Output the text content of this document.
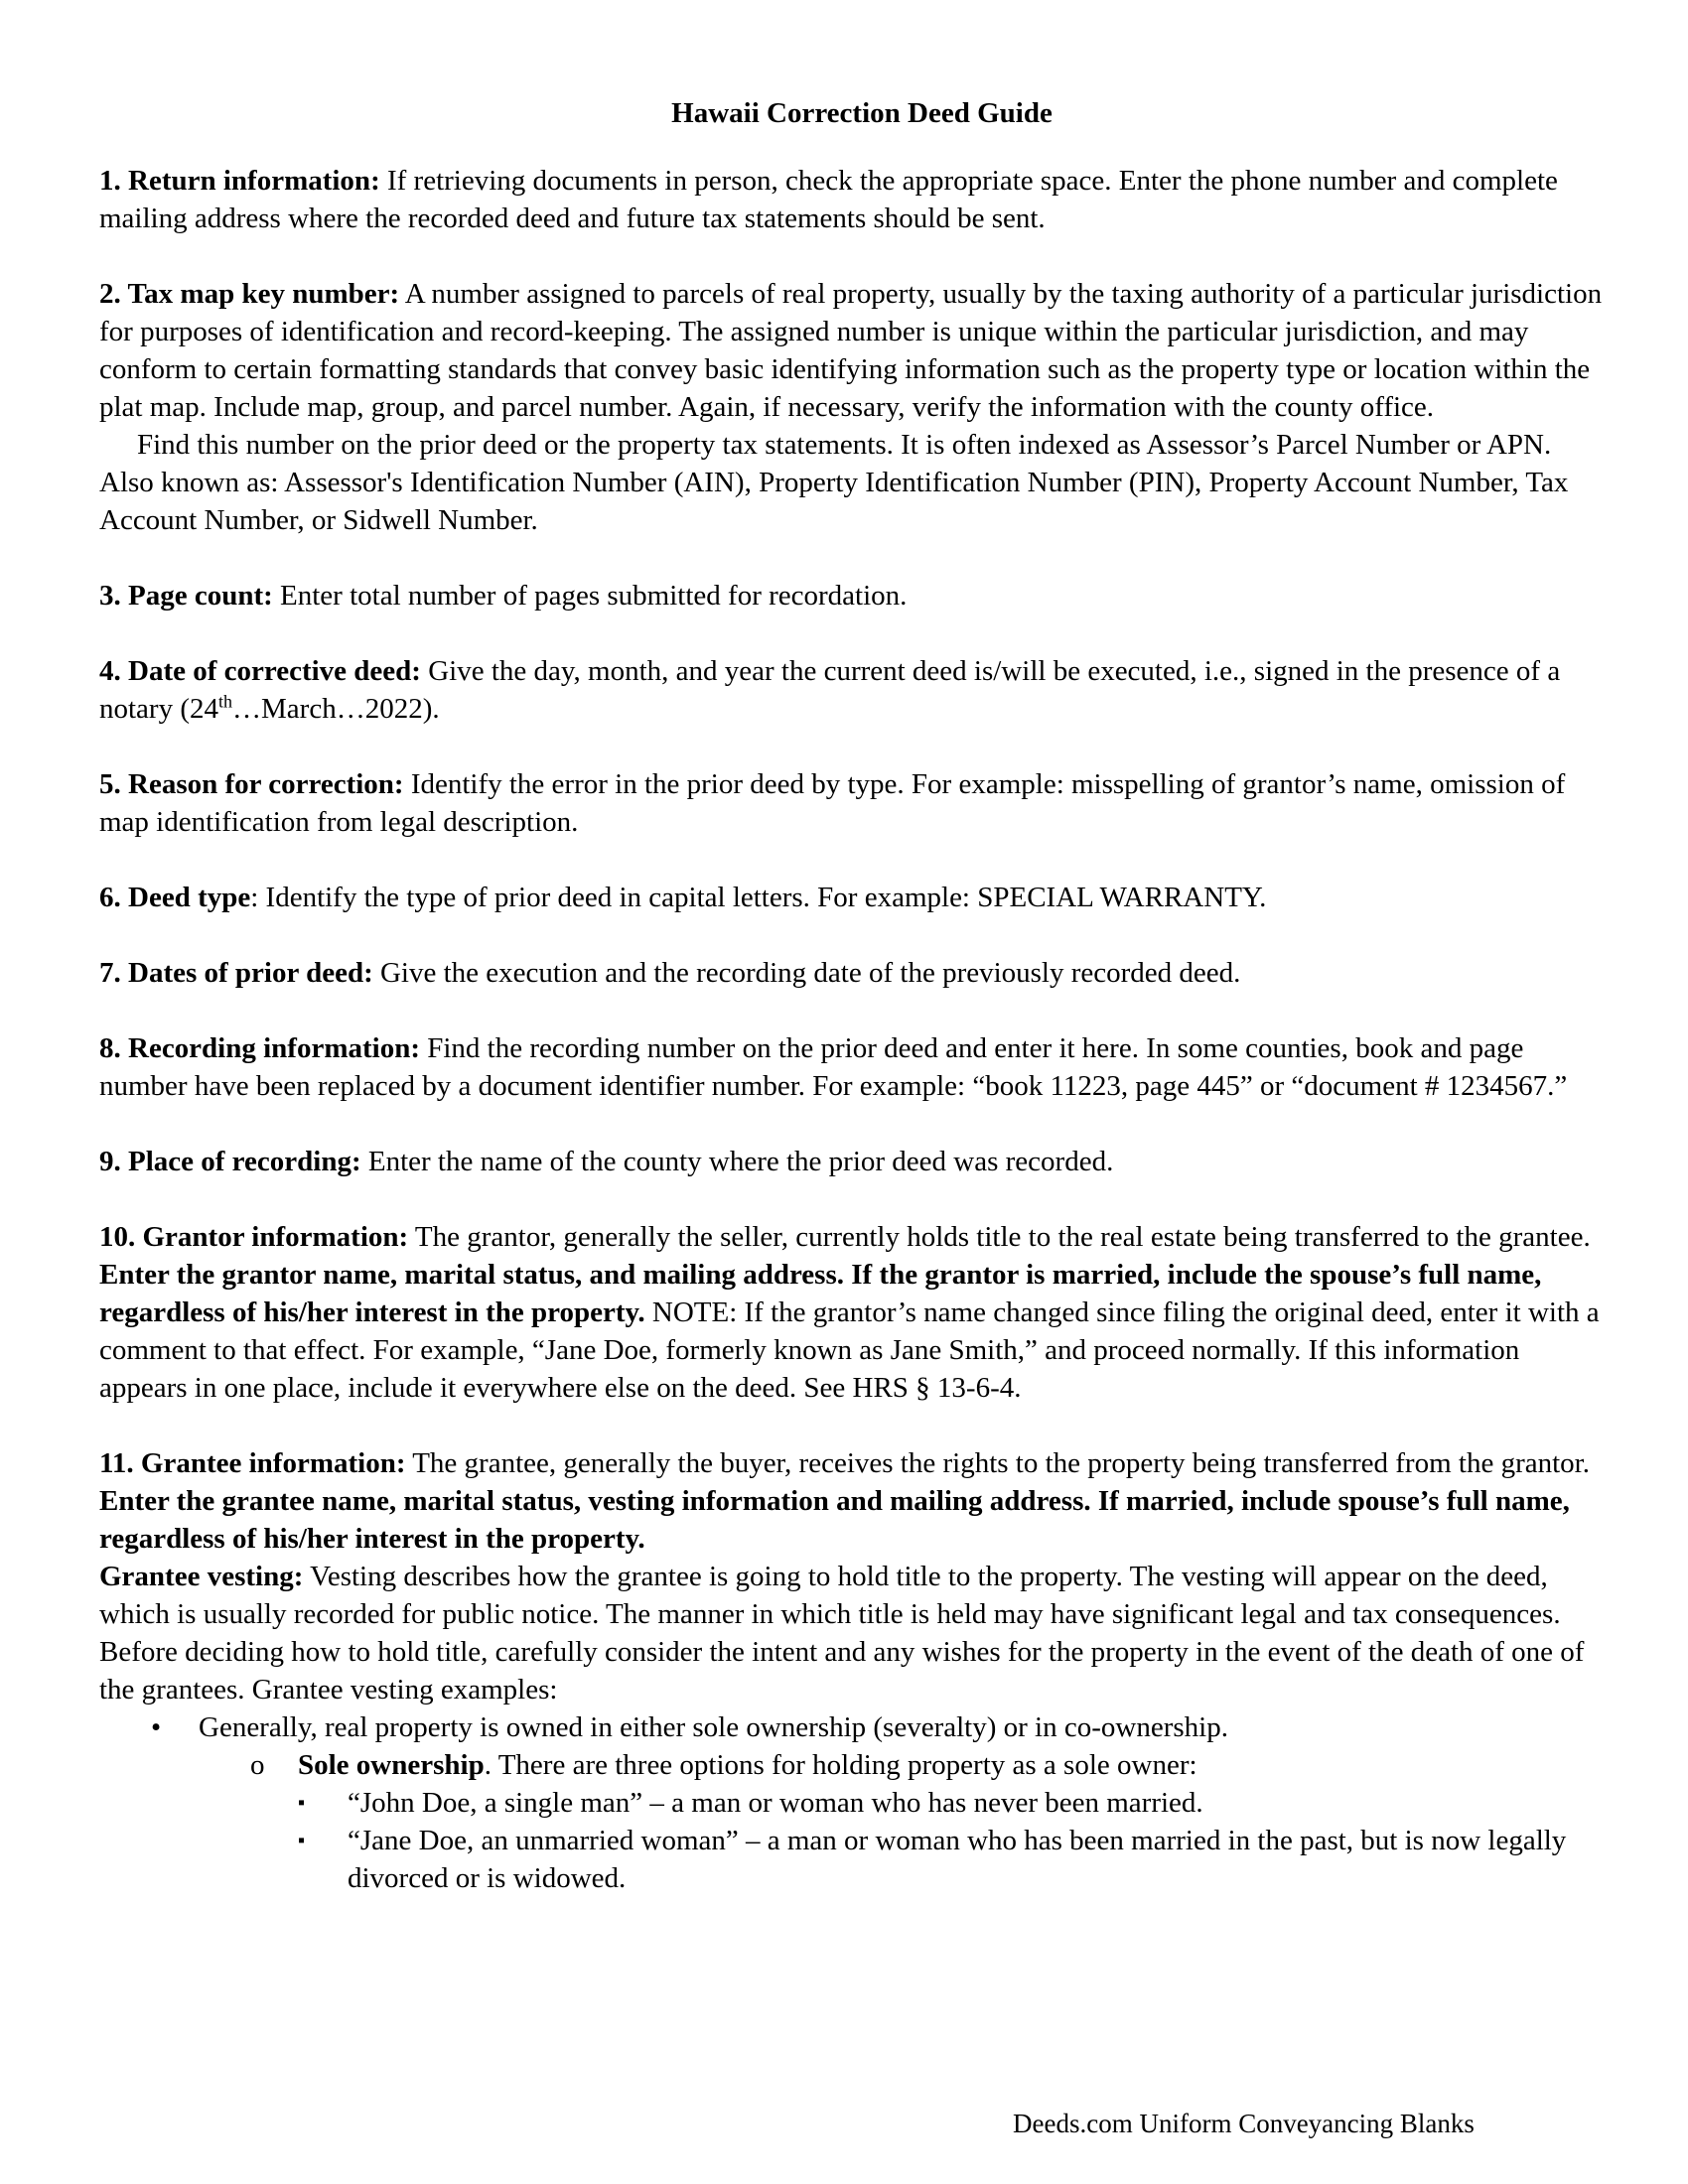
Hawaii Correction Deed Guide

1. Return information: If retrieving documents in person, check the appropriate space. Enter the phone number and complete mailing address where the recorded deed and future tax statements should be sent.

2. Tax map key number: A number assigned to parcels of real property, usually by the taxing authority of a particular jurisdiction for purposes of identification and record-keeping. The assigned number is unique within the particular jurisdiction, and may conform to certain formatting standards that convey basic identifying information such as the property type or location within the plat map. Include map, group, and parcel number. Again, if necessary, verify the information with the county office.

Find this number on the prior deed or the property tax statements. It is often indexed as Assessor’s Parcel Number or APN. Also known as: Assessor's Identification Number (AIN), Property Identification Number (PIN), Property Account Number, Tax Account Number, or Sidwell Number.

3. Page count: Enter total number of pages submitted for recordation.

4. Date of corrective deed: Give the day, month, and year the current deed is/will be executed, i.e., signed in the presence of a notary (24th…March…2022).

5. Reason for correction: Identify the error in the prior deed by type. For example: misspelling of grantor’s name, omission of map identification from legal description.

6. Deed type: Identify the type of prior deed in capital letters. For example: SPECIAL WARRANTY.

7. Dates of prior deed: Give the execution and the recording date of the previously recorded deed.

8. Recording information: Find the recording number on the prior deed and enter it here. In some counties, book and page number have been replaced by a document identifier number. For example: “book 11223, page 445” or “document # 1234567.”

9. Place of recording: Enter the name of the county where the prior deed was recorded.

10. Grantor information: The grantor, generally the seller, currently holds title to the real estate being transferred to the grantee. Enter the grantor name, marital status, and mailing address. If the grantor is married, include the spouse’s full name, regardless of his/her interest in the property. NOTE: If the grantor’s name changed since filing the original deed, enter it with a comment to that effect. For example, “Jane Doe, formerly known as Jane Smith,” and proceed normally. If this information appears in one place, include it everywhere else on the deed. See HRS § 13-6-4.

11. Grantee information: The grantee, generally the buyer, receives the rights to the property being transferred from the grantor. Enter the grantee name, marital status, vesting information and mailing address. If married, include spouse’s full name, regardless of his/her interest in the property.

Grantee vesting: Vesting describes how the grantee is going to hold title to the property. The vesting will appear on the deed, which is usually recorded for public notice. The manner in which title is held may have significant legal and tax consequences. Before deciding how to hold title, carefully consider the intent and any wishes for the property in the event of the death of one of the grantees. Grantee vesting examples:

• Generally, real property is owned in either sole ownership (severalty) or in co-ownership.
o Sole ownership. There are three options for holding property as a sole owner:
▪ “John Doe, a single man” – a man or woman who has never been married.
▪ “Jane Doe, an unmarried woman” – a man or woman who has been married in the past, but is now legally divorced or is widowed.
Deeds.com Uniform Conveyancing Blanks
